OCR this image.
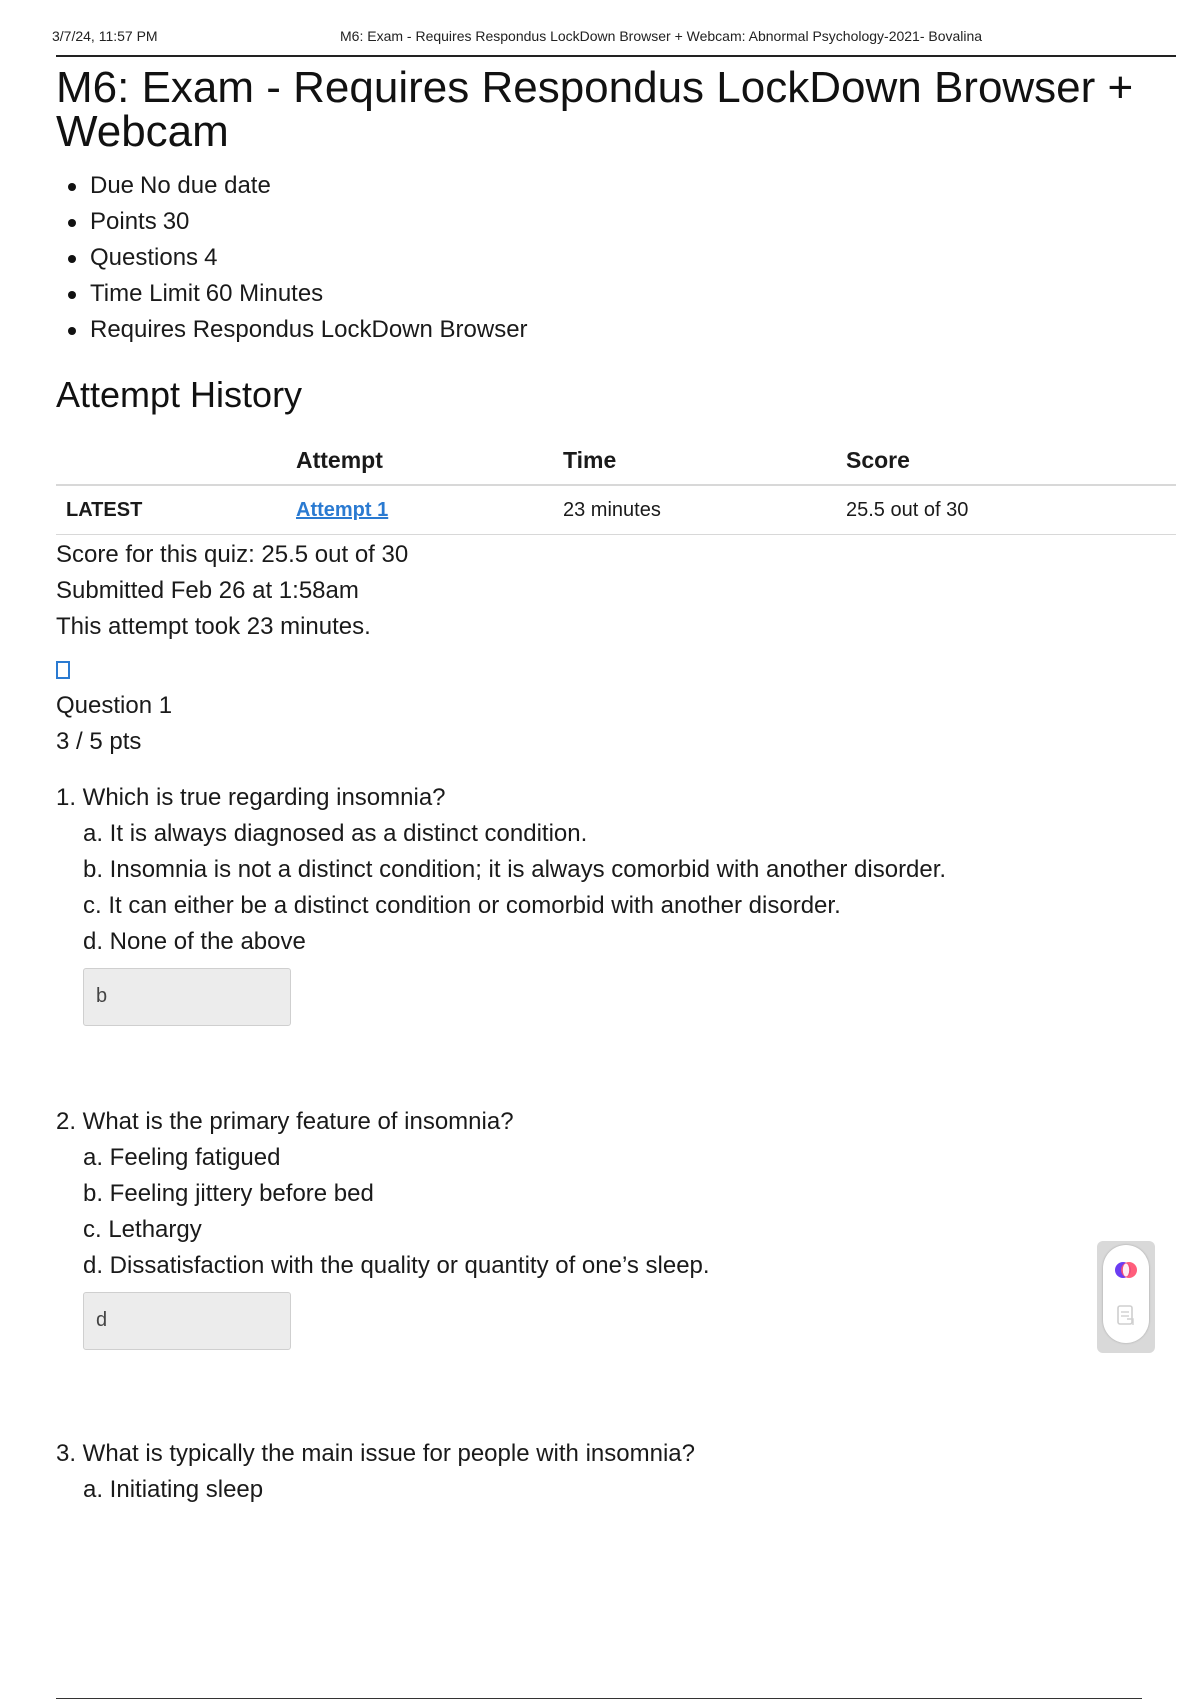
3/7/24, 11:57 PM	M6: Exam - Requires Respondus LockDown Browser + Webcam: Abnormal Psychology-2021- Bovalina
M6: Exam - Requires Respondus LockDown Browser + Webcam
Due No due date
Points 30
Questions 4
Time Limit 60 Minutes
Requires Respondus LockDown Browser
Attempt History
	Attempt	Time	Score
LATEST	Attempt 1	23 minutes	25.5 out of 30
Score for this quiz: 25.5 out of 30
Submitted Feb 26 at 1:58am
This attempt took 23 minutes.
Question 1
3 / 5 pts
1. Which is true regarding insomnia?
a. It is always diagnosed as a distinct condition.
b. Insomnia is not a distinct condition; it is always comorbid with another disorder.
c. It can either be a distinct condition or comorbid with another disorder.
d. None of the above
b
2. What is the primary feature of insomnia?
a. Feeling fatigued
b. Feeling jittery before bed
c. Lethargy
d. Dissatisfaction with the quality or quantity of one’s sleep.
d
3. What is typically the main issue for people with insomnia?
a. Initiating sleep
